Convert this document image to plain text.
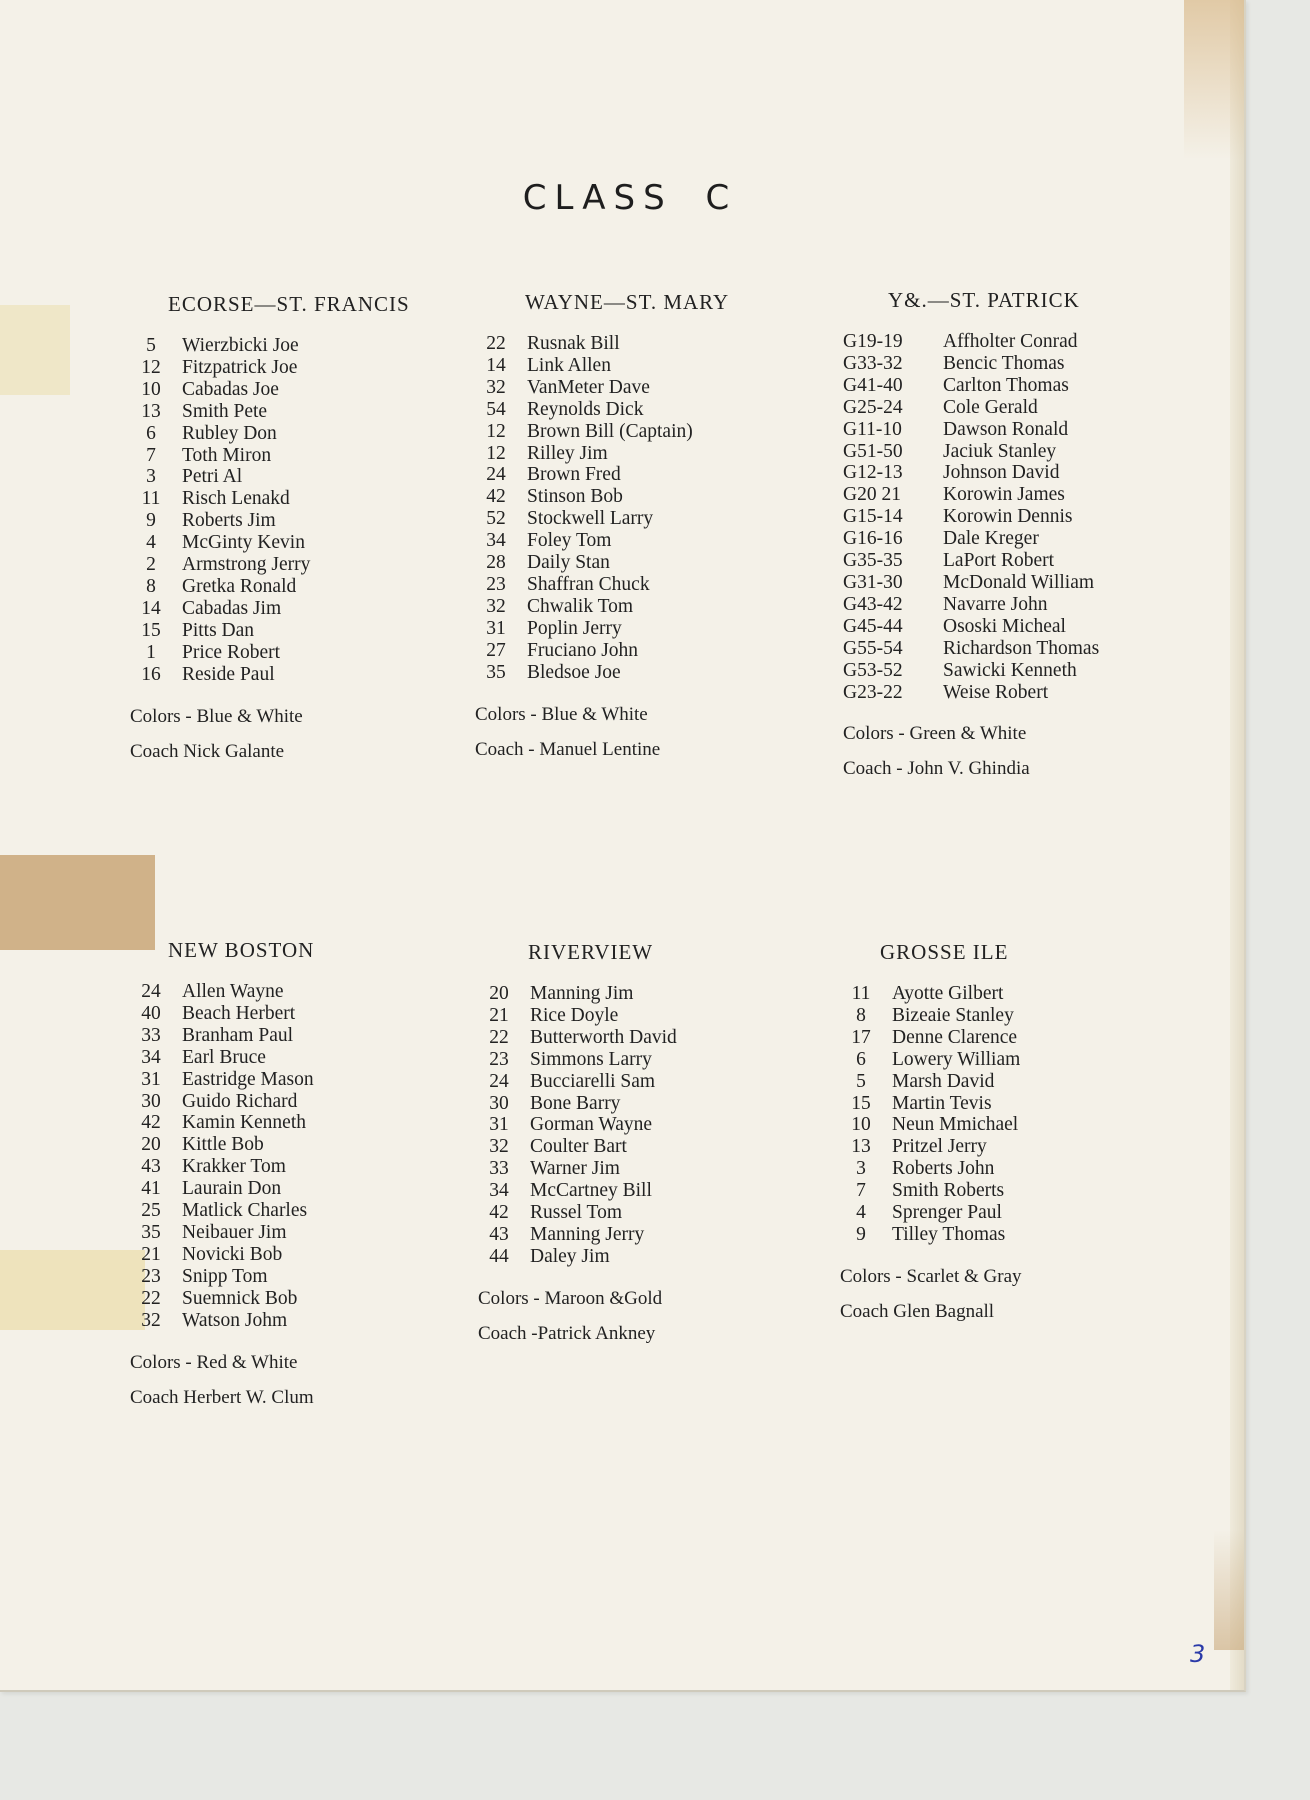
CLASS C
ECORSE—ST. FRANCIS
5	Wierzbicki Joe
12	Fitzpatrick Joe
10	Cabadas Joe
13	Smith Pete
6	Rubley Don
7	Toth Miron
3	Petri Al
11	Risch Lenakd
9	Roberts Jim
4	McGinty Kevin
2	Armstrong Jerry
8	Gretka Ronald
14	Cabadas Jim
15	Pitts Dan
1	Price Robert
16	Reside Paul
Colors - Blue & White
Coach Nick Galante
WAYNE—ST. MARY
22	Rusnak Bill
14	Link Allen
32	VanMeter Dave
54	Reynolds Dick
12	Brown Bill (Captain)
12	Rilley Jim
24	Brown Fred
42	Stinson Bob
52	Stockwell Larry
34	Foley Tom
28	Daily Stan
23	Shaffran Chuck
32	Chwalik Tom
31	Poplin Jerry
27	Fruciano John
35	Bledsoe Joe
Colors - Blue & White
Coach - Manuel Lentine
Y&.—ST. PATRICK
G19-19	Affholter Conrad
G33-32	Bencic Thomas
G41-40	Carlton Thomas
G25-24	Cole Gerald
G11-10	Dawson Ronald
G51-50	Jaciuk Stanley
G12-13	Johnson David
G20 21	Korowin James
G15-14	Korowin Dennis
G16-16	Dale Kreger
G35-35	LaPort Robert
G31-30	McDonald William
G43-42	Navarre John
G45-44	Ososki Micheal
G55-54	Richardson Thomas
G53-52	Sawicki Kenneth
G23-22	Weise Robert
Colors - Green & White
Coach - John V. Ghindia
NEW BOSTON
24	Allen Wayne
40	Beach Herbert
33	Branham Paul
34	Earl Bruce
31	Eastridge Mason
30	Guido Richard
42	Kamin Kenneth
20	Kittle Bob
43	Krakker Tom
41	Laurain Don
25	Matlick Charles
35	Neibauer Jim
21	Novicki Bob
23	Snipp Tom
22	Suemnick Bob
32	Watson Johm
Colors - Red & White
Coach Herbert W. Clum
RIVERVIEW
20	Manning Jim
21	Rice Doyle
22	Butterworth David
23	Simmons Larry
24	Bucciarelli Sam
30	Bone Barry
31	Gorman Wayne
32	Coulter Bart
33	Warner Jim
34	McCartney Bill
42	Russel Tom
43	Manning Jerry
44	Daley Jim
Colors - Maroon &Gold
Coach -Patrick Ankney
GROSSE ILE
11	Ayotte Gilbert
8	Bizeaie Stanley
17	Denne Clarence
6	Lowery William
5	Marsh David
15	Martin Tevis
10	Neun Mmichael
13	Pritzel Jerry
3	Roberts John
7	Smith Roberts
4	Sprenger Paul
9	Tilley Thomas
Colors - Scarlet & Gray
Coach Glen Bagnall
3
